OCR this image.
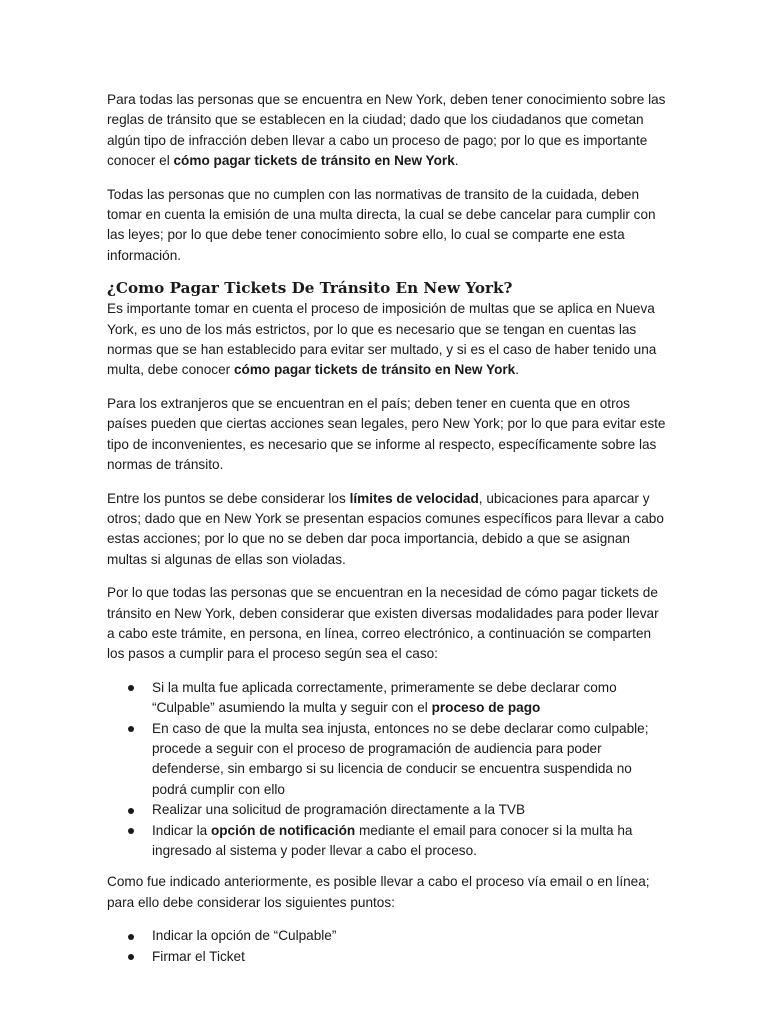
Para todas las personas que se encuentra en New York, deben tener conocimiento sobre las reglas de tránsito que se establecen en la ciudad; dado que los ciudadanos que cometan algún tipo de infracción deben llevar a cabo un proceso de pago; por lo que es importante conocer el cómo pagar tickets de tránsito en New York.

Todas las personas que no cumplen con las normativas de transito de la cuidada, deben tomar en cuenta la emisión de una multa directa, la cual se debe cancelar para cumplir con las leyes; por lo que debe tener conocimiento sobre ello, lo cual se comparte ene esta información.

¿Como Pagar Tickets De Tránsito En New York?

Es importante tomar en cuenta el proceso de imposición de multas que se aplica en Nueva York, es uno de los más estrictos, por lo que es necesario que se tengan en cuentas las normas que se han establecido para evitar ser multado, y si es el caso de haber tenido una multa, debe conocer cómo pagar tickets de tránsito en New York.

Para los extranjeros que se encuentran en el país; deben tener en cuenta que en otros países pueden que ciertas acciones sean legales, pero New York; por lo que para evitar este tipo de inconvenientes, es necesario que se informe al respecto, específicamente sobre las normas de tránsito.

Entre los puntos se debe considerar los límites de velocidad, ubicaciones para aparcar y otros; dado que en New York se presentan espacios comunes específicos para llevar a cabo estas acciones; por lo que no se deben dar poca importancia, debido a que se asignan multas si algunas de ellas son violadas.

Por lo que todas las personas que se encuentran en la necesidad de cómo pagar tickets de tránsito en New York, deben considerar que existen diversas modalidades para poder llevar a cabo este trámite, en persona, en línea, correo electrónico, a continuación se comparten los pasos a cumplir para el proceso según sea el caso:

Si la multa fue aplicada correctamente, primeramente se debe declarar como “Culpable” asumiendo la multa y seguir con el proceso de pago
En caso de que la multa sea injusta, entonces no se debe declarar como culpable; procede a seguir con el proceso de programación de audiencia para poder defenderse, sin embargo si su licencia de conducir se encuentra suspendida no podrá cumplir con ello
Realizar una solicitud de programación directamente a la TVB
Indicar la opción de notificación mediante el email para conocer si la multa ha ingresado al sistema y poder llevar a cabo el proceso.

Como fue indicado anteriormente, es posible llevar a cabo el proceso vía email o en línea; para ello debe considerar los siguientes puntos:

Indicar la opción de “Culpable”
Firmar el Ticket
